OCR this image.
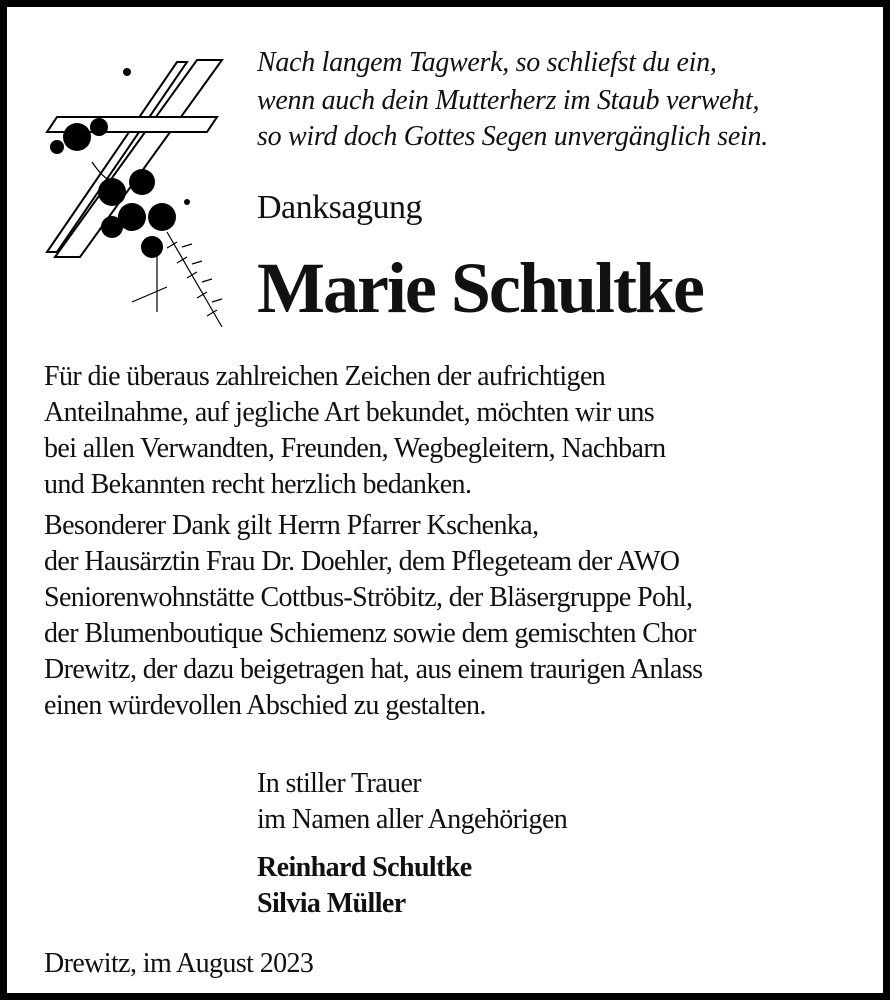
Nach langem Tagwerk, so schliefst du ein,
wenn auch dein Mutterherz im Staub verweht,
so wird doch Gottes Segen unvergänglich sein.
Danksagung
Marie Schultke
Für die überaus zahlreichen Zeichen der aufrichtigen
Anteilnahme, auf jegliche Art bekundet, möchten wir uns
bei allen Verwandten, Freunden, Wegbegleitern, Nachbarn
und Bekannten recht herzlich bedanken.
Besonderer Dank gilt Herrn Pfarrer Kschenka,
der Hausärztin Frau Dr. Doehler, dem Pflegeteam der AWO
Seniorenwohnstätte Cottbus-Ströbitz, der Bläsergruppe Pohl,
der Blumenboutique Schiemenz sowie dem gemischten Chor
Drewitz, der dazu beigetragen hat, aus einem traurigen Anlass
einen würdevollen Abschied zu gestalten.
In stiller Trauer
im Namen aller Angehörigen
Reinhard Schultke
Silvia Müller
Drewitz, im August 2023
